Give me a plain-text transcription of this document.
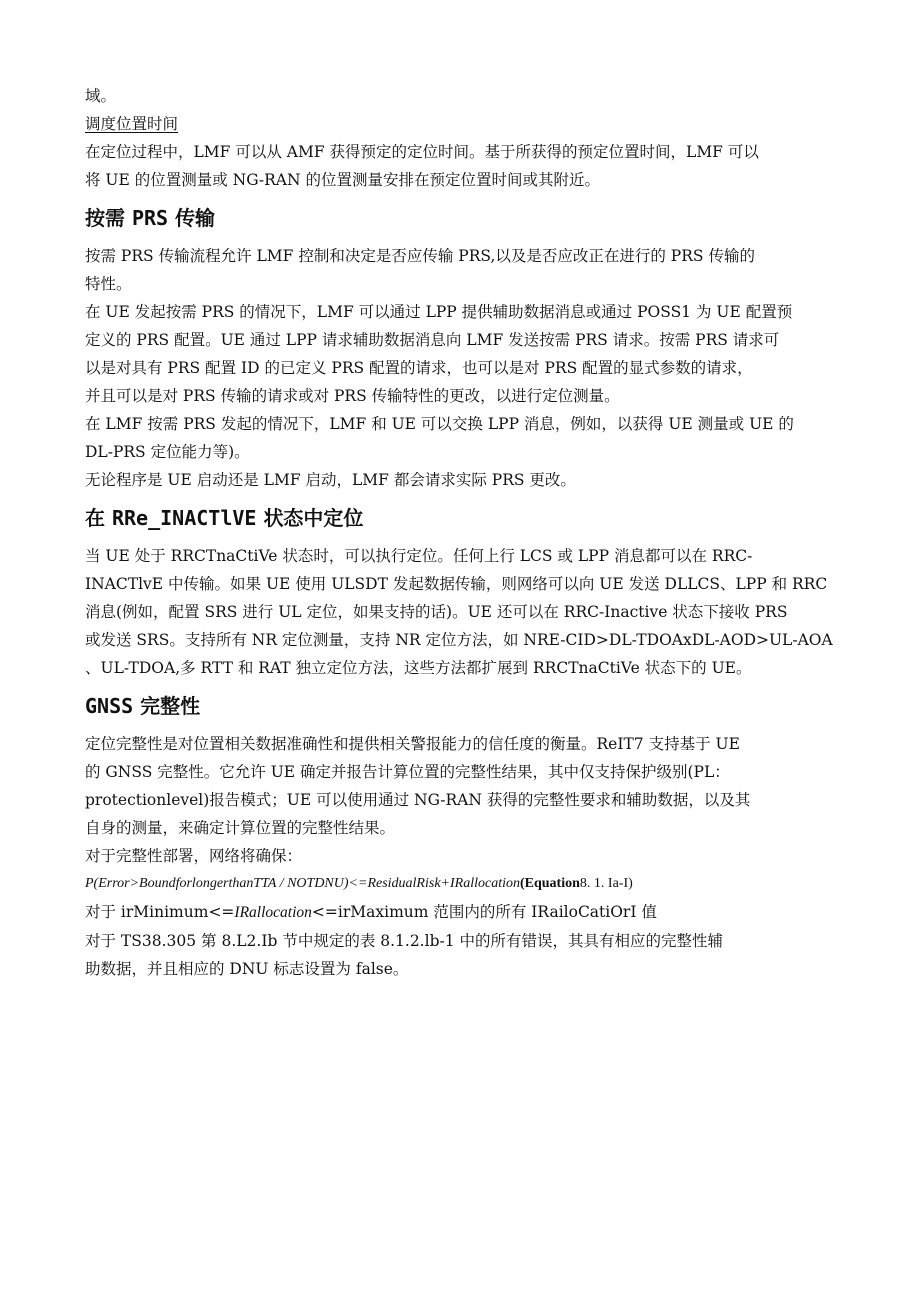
域。

调度位置时间

在定位过程中，LMF 可以从 AMF 获得预定的定位时间。基于所获得的预定位置时间，LMF 可以

将 UE 的位置测量或 NG-RAN 的位置测量安排在预定位置时间或其附近。

按需 PRS 传输

按需 PRS 传输流程允许 LMF 控制和决定是否应传输 PRS,以及是否应改正在进行的 PRS 传输的

特性。

在 UE 发起按需 PRS 的情况下，LMF 可以通过 LPP 提供辅助数据消息或通过 POSS1 为 UE 配置预

定义的 PRS 配置。UE 通过 LPP 请求辅助数据消息向 LMF 发送按需 PRS 请求。按需 PRS 请求可

以是对具有 PRS 配置 ID 的已定义 PRS 配置的请求，也可以是对 PRS 配置的显式参数的请求，

并且可以是对 PRS 传输的请求或对 PRS 传输特性的更改，以进行定位测量。

在 LMF 按需 PRS 发起的情况下，LMF 和 UE 可以交换 LPP 消息，例如，以获得 UE 测量或 UE 的

DL-PRS 定位能力等)。

无论程序是 UE 启动还是 LMF 启动，LMF 都会请求实际 PRS 更改。

在 RRe_INACTlVE 状态中定位

当 UE 处于 RRCTnaCtiVe 状态时，可以执行定位。任何上行 LCS 或 LPP 消息都可以在 RRC-

INACTlvE 中传输。如果 UE 使用 ULSDT 发起数据传输，则网络可以向 UE 发送 DLLCS、LPP 和 RRC

消息(例如，配置 SRS 进行 UL 定位，如果支持的话)。UE 还可以在 RRC-Inactive 状态下接收 PRS

或发送 SRS。支持所有 NR 定位测量，支持 NR 定位方法，如 NRE-CID>DL-TDOAxDL-AOD>UL-AOA

、UL-TDOA,多 RTT 和 RAT 独立定位方法，这些方法都扩展到 RRCTnaCtiVe 状态下的 UE。

GNSS 完整性

定位完整性是对位置相关数据准确性和提供相关警报能力的信任度的衡量。ReIT7 支持基于 UE

的 GNSS 完整性。它允许 UE 确定并报告计算位置的完整性结果，其中仅支持保护级别(PL：

protectionlevel)报告模式；UE 可以使用通过 NG-RAN 获得的完整性要求和辅助数据，以及其

自身的测量，来确定计算位置的完整性结果。

对于完整性部署，网络将确保：

P(Error>BoundforlongerthanTTA / NOTDNU)<=ResidualRisk+IRallocation(Equation8. 1. Ia-I)

对于 irMinimum<=IRallocation<=irMaximum 范围内的所有 IRailoCatiOrI 值

对于 TS38.305 第 8.L2.Ib 节中规定的表 8.1.2.lb-1 中的所有错误，其具有相应的完整性辅

助数据，并且相应的 DNU 标志设置为 false。
